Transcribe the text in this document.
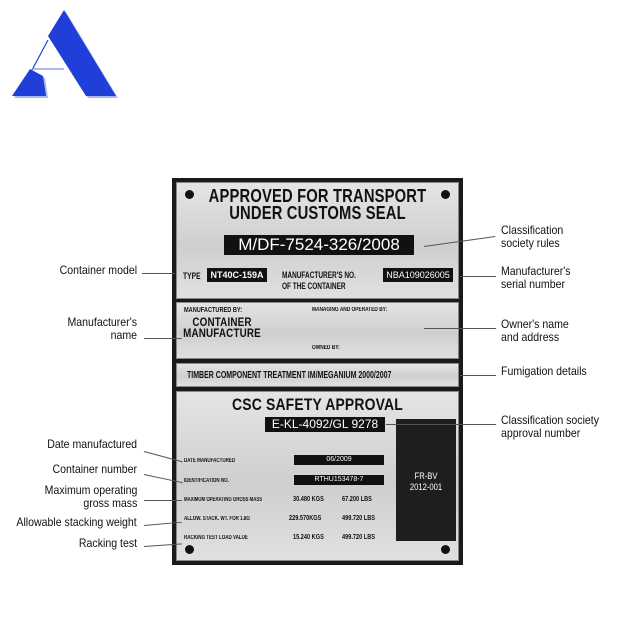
APPROVED FOR TRANSPORT
UNDER CUSTOMS SEAL
M/DF-7524-326/2008
TYPE	NT40C-159A	MANUFACTURER'S NO.
OF THE CONTAINER
NBA109026005
MANUFACTURED BY:
CONTAINER
MANUFACTURE
MANAGING AND OPERATED BY:
OWNED BY:
TIMBER COMPONENT TREATMENT IM/MEGANIUM 2000/2007
CSC SAFETY APPROVAL
E-KL-4092/GL 9278
DATE MANUFACTURED	06/2009
IDENTIFICATION NO.	RTHU153478-7
MAXIMUM OPERATING GROSS MASS	30.480 KGS	67.200 LBS
ALLOW. STACK. WT. FOR 1.8G	229.570KGS	499.720 LBS
RACKING TEST LOAD VALUE	15.240 KGS	499.720 LBS
FR-BV
2012-001
Container model
Manufacturer's
name
Date manufactured
Container number
Maximum operating
gross mass
Allowable stacking weight
Racking test
Classification
society rules
Manufacturer's
serial number
Owner's name
and address
Fumigation details
Classification society
approval number
